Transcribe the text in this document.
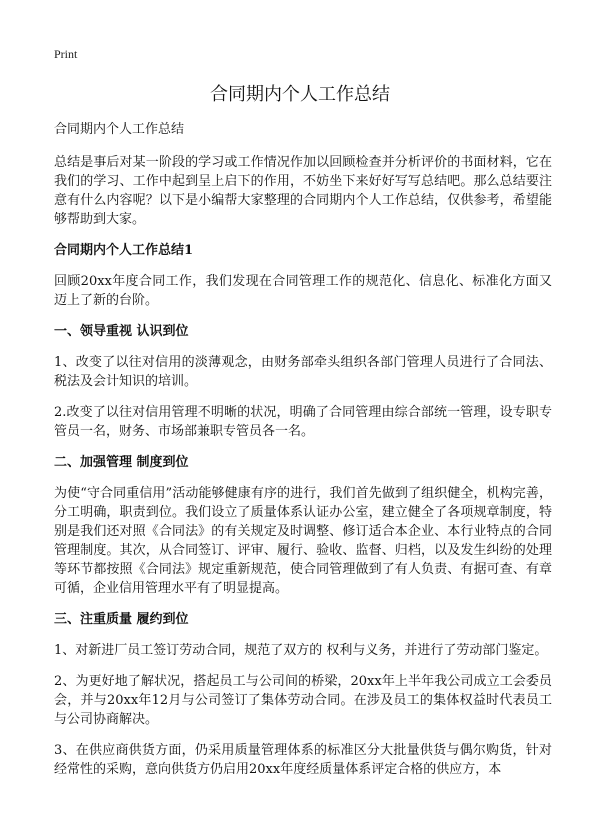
Print
合同期内个人工作总结

合同期内个人工作总结

总结是事后对某一阶段的学习或工作情况作加以回顾检查并分析评价的书面材料，它在我们的学习、工作中起到呈上启下的作用，不妨坐下来好好写写总结吧。那么总结要注意有什么内容呢？以下是小编帮大家整理的合同期内个人工作总结，仅供参考，希望能够帮助到大家。

合同期内个人工作总结1

回顾20xx年度合同工作，我们发现在合同管理工作的规范化、信息化、标准化方面又迈上了新的台阶。

一、领导重视 认识到位

1、改变了以往对信用的淡薄观念，由财务部牵头组织各部门管理人员进行了合同法、税法及会计知识的培训。

2.改变了以往对信用管理不明晰的状况，明确了合同管理由综合部统一管理，设专职专管员一名，财务、市场部兼职专管员各一名。

二、加强管理 制度到位

为使“守合同重信用”活动能够健康有序的进行，我们首先做到了组织健全，机构完善，分工明确，职责到位。我们设立了质量体系认证办公室，建立健全了各项规章制度，特别是我们还对照《合同法》的有关规定及时调整、修订适合本企业、本行业特点的合同管理制度。其次，从合同签订、评审、履行、验收、监督、归档，以及发生纠纷的处理等环节都按照《合同法》规定重新规范，使合同管理做到了有人负责、有据可查、有章可循，企业信用管理水平有了明显提高。

三、注重质量 履约到位

1、对新进厂员工签订劳动合同，规范了双方的 权利与义务，并进行了劳动部门鉴定。

2、为更好地了解状况，搭起员工与公司间的桥梁，20xx年上半年我公司成立工会委员会，并与20xx年12月与公司签订了集体劳动合同。在涉及员工的集体权益时代表员工与公司协商解决。

3、在供应商供货方面，仍采用质量管理体系的标准区分大批量供货与偶尔购货，针对经常性的采购，意向供货方仍启用20xx年度经质量体系评定合格的供应方，本
